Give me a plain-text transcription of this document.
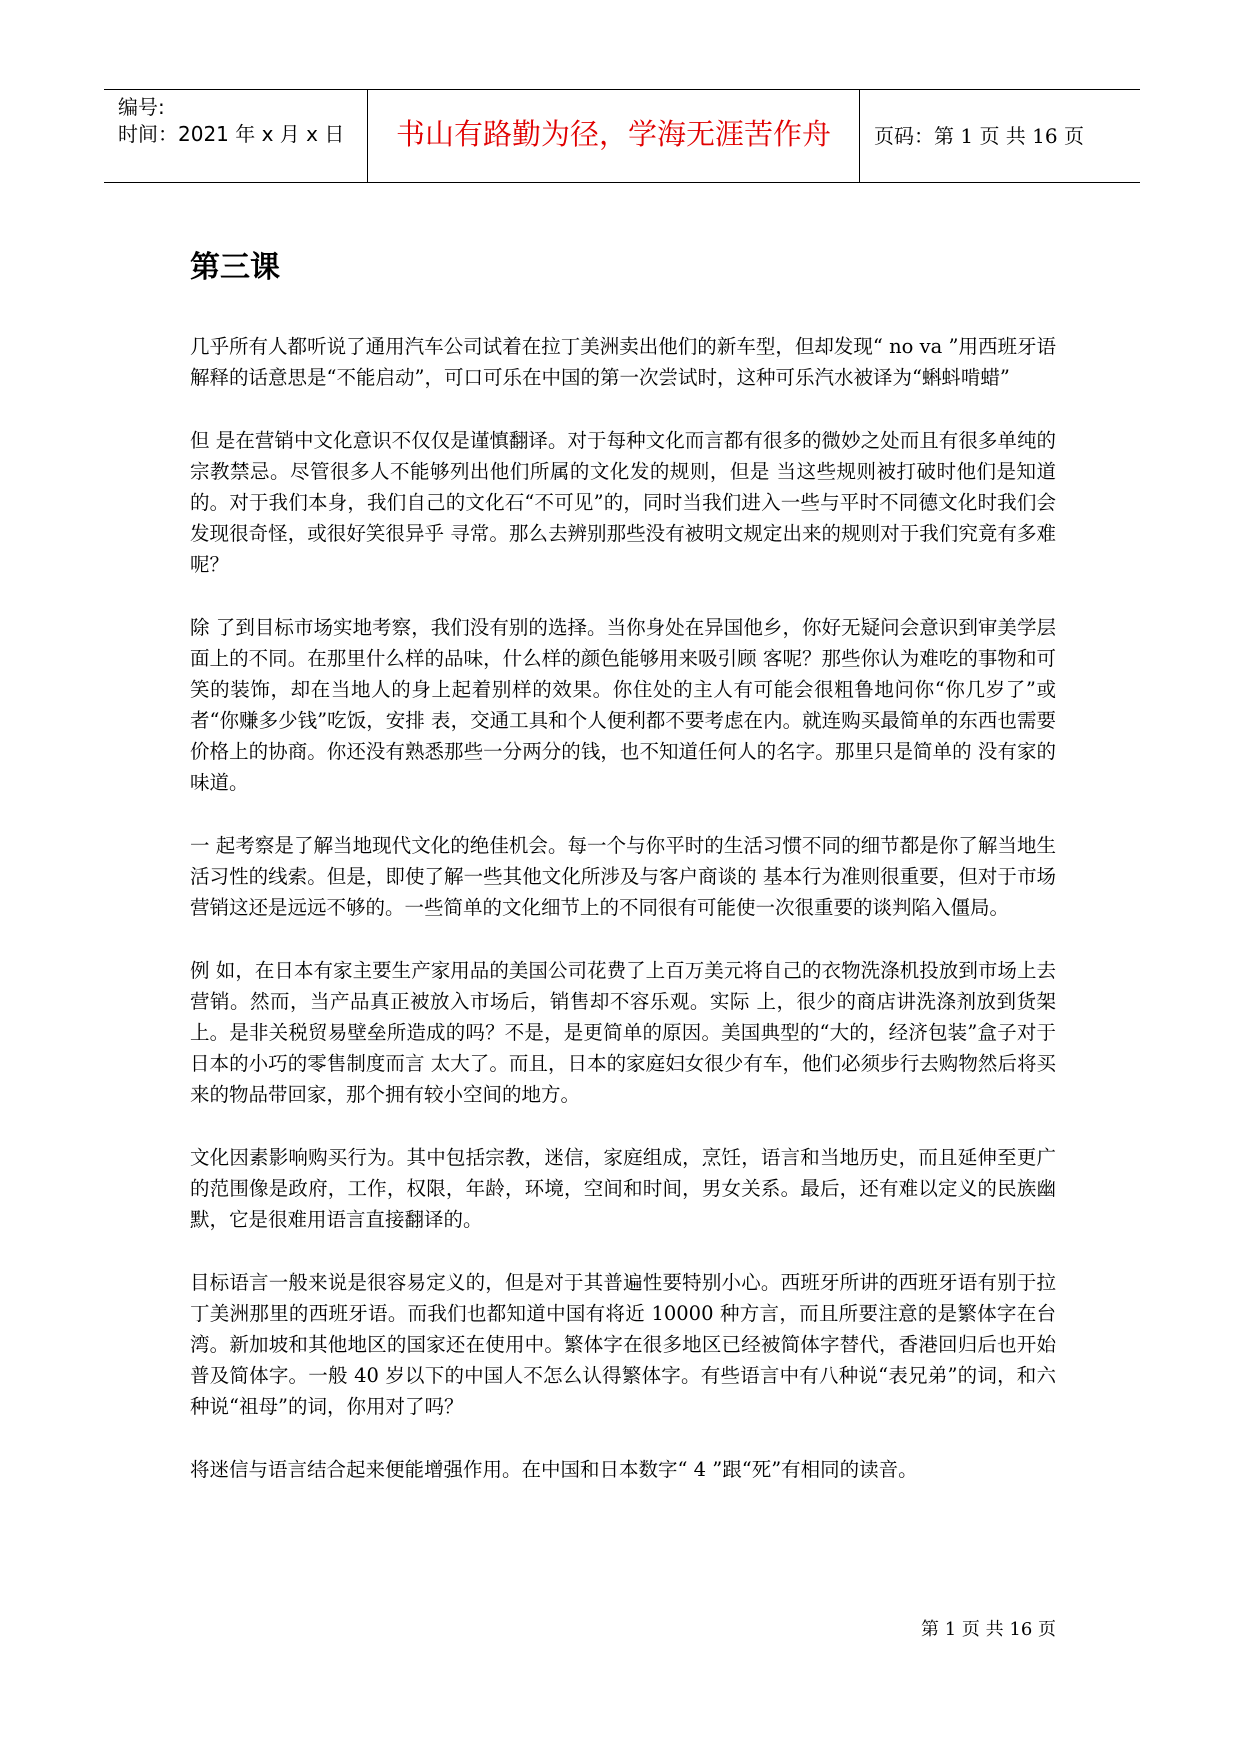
编号:
时间：2021 年 x 月 x 日	书山有路勤为径，学海无涯苦作舟	页码：第 1 页 共 16 页
第三课

几乎所有人都听说了通用汽车公司试着在拉丁美洲卖出他们的新车型，但却发现“ no va ”用西班牙语解释的话意思是“不能启动”，可口可乐在中国的第一次尝试时，这种可乐汽水被译为“蝌蚪啃蜡”

但 是在营销中文化意识不仅仅是谨慎翻译。对于每种文化而言都有很多的微妙之处而且有很多单纯的宗教禁忌。尽管很多人不能够列出他们所属的文化发的规则，但是 当这些规则被打破时他们是知道的。对于我们本身，我们自己的文化石“不可见”的，同时当我们进入一些与平时不同德文化时我们会发现很奇怪，或很好笑很异乎 寻常。那么去辨别那些没有被明文规定出来的规则对于我们究竟有多难呢？

除 了到目标市场实地考察，我们没有别的选择。当你身处在异国他乡，你好无疑问会意识到审美学层面上的不同。在那里什么样的品味，什么样的颜色能够用来吸引顾 客呢？那些你认为难吃的事物和可笑的装饰，却在当地人的身上起着别样的效果。你住处的主人有可能会很粗鲁地问你“你几岁了”或者“你赚多少钱”吃饭，安排 表，交通工具和个人便利都不要考虑在内。就连购买最简单的东西也需要价格上的协商。你还没有熟悉那些一分两分的钱，也不知道任何人的名字。那里只是简单的 没有家的味道。

一 起考察是了解当地现代文化的绝佳机会。每一个与你平时的生活习惯不同的细节都是你了解当地生活习性的线索。但是，即使了解一些其他文化所涉及与客户商谈的 基本行为准则很重要，但对于市场营销这还是远远不够的。一些简单的文化细节上的不同很有可能使一次很重要的谈判陷入僵局。

例 如，在日本有家主要生产家用品的美国公司花费了上百万美元将自己的衣物洗涤机投放到市场上去营销。然而，当产品真正被放入市场后，销售却不容乐观。实际 上，很少的商店讲洗涤剂放到货架上。是非关税贸易壁垒所造成的吗？不是，是更简单的原因。美国典型的“大的，经济包装”盒子对于日本的小巧的零售制度而言 太大了。而且，日本的家庭妇女很少有车，他们必须步行去购物然后将买来的物品带回家，那个拥有较小空间的地方。

文化因素影响购买行为。其中包括宗教，迷信，家庭组成，烹饪，语言和当地历史，而且延伸至更广的范围像是政府，工作，权限，年龄，环境，空间和时间，男女关系。最后，还有难以定义的民族幽默，它是很难用语言直接翻译的。

目标语言一般来说是很容易定义的，但是对于其普遍性要特别小心。西班牙所讲的西班牙语有别于拉丁美洲那里的西班牙语。而我们也都知道中国有将近 10000 种方言，而且所要注意的是繁体字在台湾。新加坡和其他地区的国家还在使用中。繁体字在很多地区已经被简体字替代，香港回归后也开始普及简体字。一般 40 岁以下的中国人不怎么认得繁体字。有些语言中有八种说“表兄弟”的词，和六种说“祖母”的词，你用对了吗？

将迷信与语言结合起来便能增强作用。在中国和日本数字“ 4 ”跟“死”有相同的读音。

第 1 页 共 16 页
